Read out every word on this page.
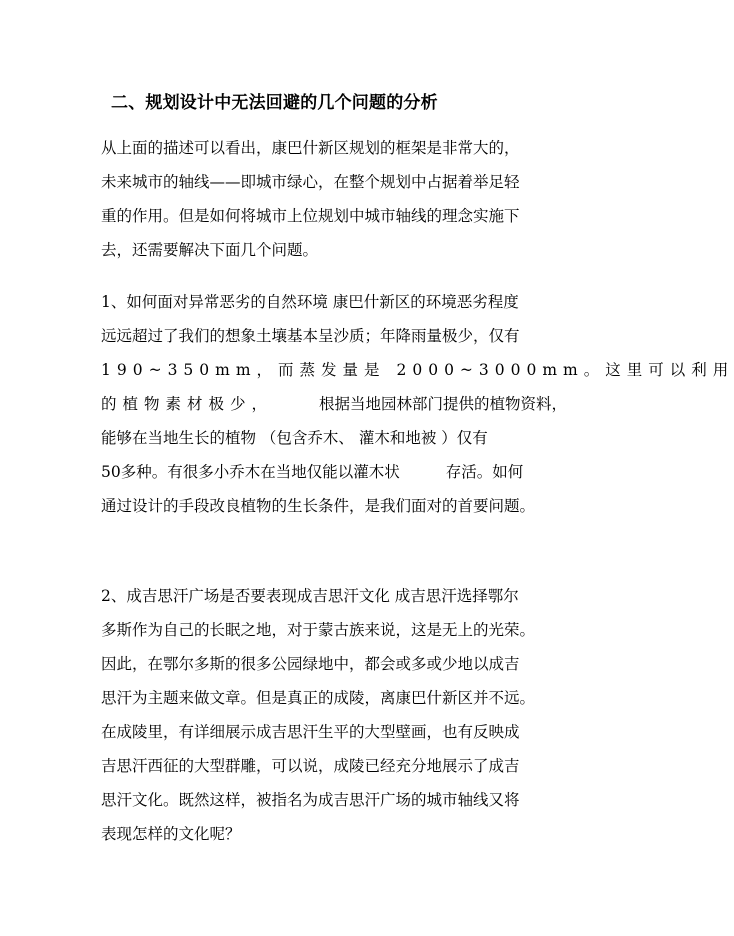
二、规划设计中无法回避的几个问题的分析
从上面的描述可以看出，康巴什新区规划的框架是非常大的，
未来城市的轴线——即城市绿心，在整个规划中占据着举足轻
重的作用。但是如何将城市上位规划中城市轴线的理念实施下
去，还需要解决下面几个问题。
1、如何面对异常恶劣的自然环境 康巴什新区的环境恶劣程度
远远超过了我们的想象土壤基本呈沙质；年降雨量极少，仅有
190~350mm，而蒸发量是 2000~3000mm。这里可以利用
的植物素材极少，	根据当地园林部门提供的植物资料，
能够在当地生长的植物 （包含乔木、 灌木和地被 ）仅有
50多种。有很多小乔木在当地仅能以灌木状	存活。如何
通过设计的手段改良植物的生长条件，是我们面对的首要问题。
2、成吉思汗广场是否要表现成吉思汗文化 成吉思汗选择鄂尔
多斯作为自己的长眠之地，对于蒙古族来说，这是无上的光荣。
因此，在鄂尔多斯的很多公园绿地中，都会或多或少地以成吉
思汗为主题来做文章。但是真正的成陵，离康巴什新区并不远。
在成陵里，有详细展示成吉思汗生平的大型壁画，也有反映成
吉思汗西征的大型群雕，可以说，成陵已经充分地展示了成吉
思汗文化。既然这样，被指名为成吉思汗广场的城市轴线又将
表现怎样的文化呢？
